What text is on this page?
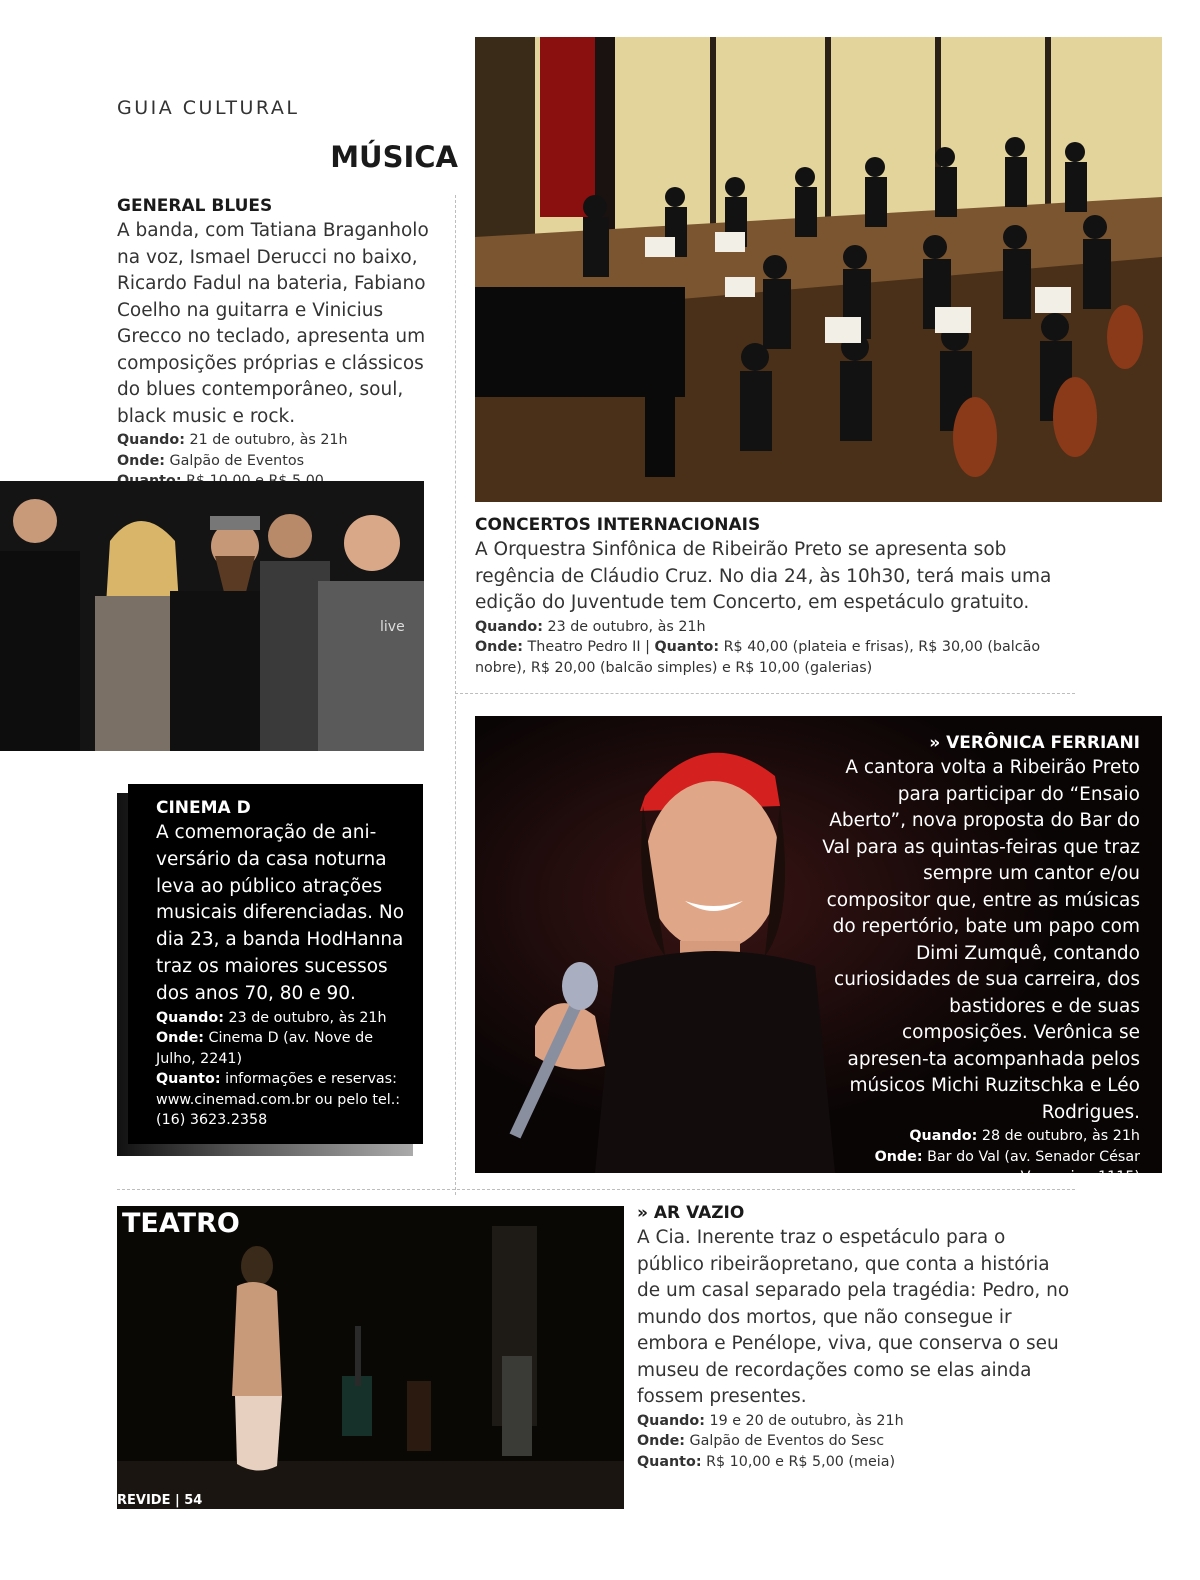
GUIA CULTURAL
MÚSICA
GENERAL BLUES
A banda, com Tatiana Braganholo na voz, Ismael Derucci no baixo, Ricardo Fadul na bateria, Fabiano Coelho na guitarra e Vinicius Grecco no teclado, apresenta um composições próprias e clássicos do blues contemporâneo, soul, black music e rock.
Quando: 21 de outubro, às 21h
Onde: Galpão de Eventos
live
CONCERTOS INTERNACIONAIS
A Orquestra Sinfônica de Ribeirão Preto se apresenta sob regência de Cláudio Cruz. No dia 24, às 10h30, terá mais uma edição do Juventude tem Concerto, em espetáculo gratuito.
Quando: 23 de outubro, às 21h
Onde: Theatro Pedro II | Quanto: R$ 40,00 (plateia e frisas), R$ 30,00 (balcão nobre), R$ 20,00 (balcão simples) e R$ 10,00 (galerias)
CINEMA D
A comemoração de ani-versário da casa noturna leva ao público atrações musicais diferenciadas. No dia 23, a banda HodHanna traz os maiores sucessos dos anos 70, 80 e 90.
Quando: 23 de outubro, às 21h
Onde: Cinema D (av. Nove de Julho, 2241)
Quanto: informações e reservas: www.cinemad.com.br ou pelo tel.: (16) 3623.2358
» VERÔNICA FERRIANI
A cantora volta a Ribeirão Preto para participar do “Ensaio Aberto”, nova proposta do Bar do Val para as quintas-feiras que traz sempre um cantor e/ou compositor que, entre as músicas do repertório, bate um papo com Dimi Zumquê, contando curiosidades de sua carreira, dos bastidores e de suas composições. Verônica se apresen-ta acompanhada pelos músicos Michi Ruzitschka e Léo Rodrigues.
Quando: 28 de outubro, às 21h
Onde: Bar do Val (av. Senador César Vergueiro, 1115)
Quanto: R$ 10,00
TEATRO
REVIDE | 54
» AR VAZIO
A Cia. Inerente traz o espetáculo para o público ribeirãopretano, que conta a história de um casal separado pela tragédia: Pedro, no mundo dos mortos, que não consegue ir embora e Penélope, viva, que conserva o seu museu de recordações como se elas ainda fossem presentes.
Quando: 19 e 20 de outubro, às 21h
Onde: Galpão de Eventos do Sesc
Quanto: R$ 10,00 e R$ 5,00 (meia)
